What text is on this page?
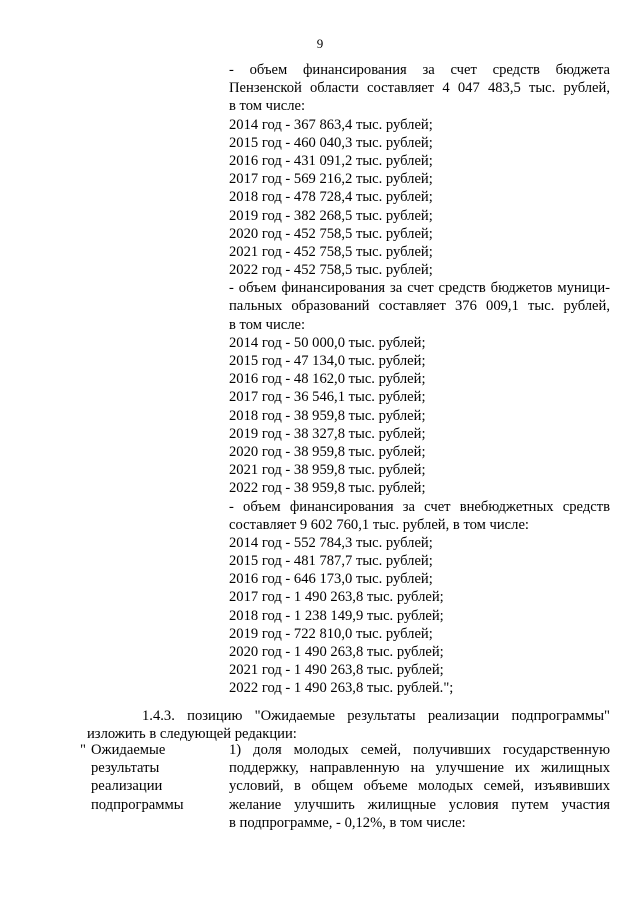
9
- объем финансирования за счет средств бюджета
Пензенской области составляет 4 047 483,5 тыс. рублей,
в том числе:
2014 год - 367 863,4 тыс. рублей;
2015 год - 460 040,3 тыс. рублей;
2016 год - 431 091,2 тыс. рублей;
2017 год - 569 216,2 тыс. рублей;
2018 год - 478 728,4 тыс. рублей;
2019 год - 382 268,5 тыс. рублей;
2020 год - 452 758,5 тыс. рублей;
2021 год - 452 758,5 тыс. рублей;
2022 год - 452 758,5 тыс. рублей;
- объем финансирования за счет средств бюджетов муници-
пальных образований составляет 376 009,1 тыс. рублей,
в том числе:
2014 год - 50 000,0 тыс. рублей;
2015 год - 47 134,0 тыс. рублей;
2016 год - 48 162,0 тыс. рублей;
2017 год - 36 546,1 тыс. рублей;
2018 год - 38 959,8 тыс. рублей;
2019 год - 38 327,8 тыс. рублей;
2020 год - 38 959,8 тыс. рублей;
2021 год - 38 959,8 тыс. рублей;
2022 год - 38 959,8 тыс. рублей;
- объем финансирования за счет внебюджетных средств
составляет 9 602 760,1 тыс. рублей, в том числе:
2014 год - 552 784,3 тыс. рублей;
2015 год - 481 787,7 тыс. рублей;
2016 год - 646 173,0 тыс. рублей;
2017 год - 1 490 263,8 тыс. рублей;
2018 год - 1 238 149,9 тыс. рублей;
2019 год - 722 810,0 тыс. рублей;
2020 год - 1 490 263,8 тыс. рублей;
2021 год - 1 490 263,8 тыс. рублей;
2022 год - 1 490 263,8 тыс. рублей.";
1.4.3. позицию "Ожидаемые результаты реализации подпрограммы"
изложить в следующей редакции:
" Ожидаемые
результаты
реализации
подпрограммы
1) доля молодых семей, получивших государственную
поддержку, направленную на улучшение их жилищных
условий, в общем объеме молодых семей, изъявивших
желание улучшить жилищные условия путем участия
в подпрограмме, - 0,12%, в том числе:
